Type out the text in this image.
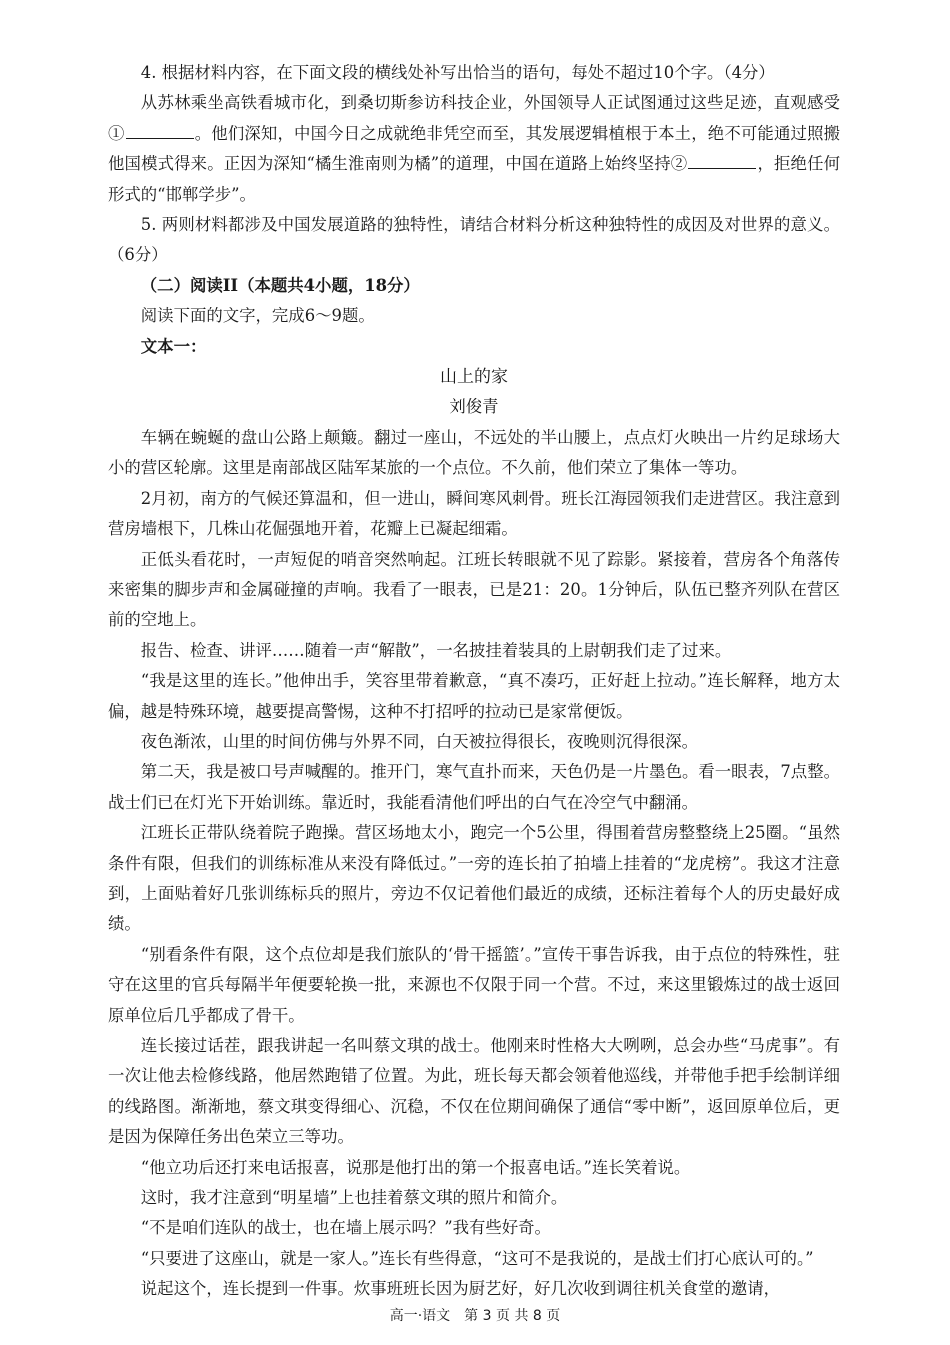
4. 根据材料内容，在下面文段的横线处补写出恰当的语句，每处不超过10个字。（4分）

从苏林乘坐高铁看城市化，到桑切斯参访科技企业，外国领导人正试图通过这些足迹，直观感受①	。他们深知，中国今日之成就绝非凭空而至，其发展逻辑植根于本土，绝不可能通过照搬他国模式得来。正因为深知“橘生淮南则为橘”的道理，中国在道路上始终坚持②	，拒绝任何形式的“邯郸学步”。

5. 两则材料都涉及中国发展道路的独特性，请结合材料分析这种独特性的成因及对世界的意义。（6分）

（二）阅读II（本题共4小题，18分）

阅读下面的文字，完成6～9题。

文本一：

山上的家

刘俊青

车辆在蜿蜒的盘山公路上颠簸。翻过一座山，不远处的半山腰上，点点灯火映出一片约足球场大小的营区轮廓。这里是南部战区陆军某旅的一个点位。不久前，他们荣立了集体一等功。

2月初，南方的气候还算温和，但一进山，瞬间寒风刺骨。班长江海园领我们走进营区。我注意到营房墙根下，几株山花倔强地开着，花瓣上已凝起细霜。

正低头看花时，一声短促的哨音突然响起。江班长转眼就不见了踪影。紧接着，营房各个角落传来密集的脚步声和金属碰撞的声响。我看了一眼表，已是21：20。1分钟后，队伍已整齐列队在营区前的空地上。

报告、检查、讲评……随着一声“解散”，一名披挂着装具的上尉朝我们走了过来。

“我是这里的连长。”他伸出手，笑容里带着歉意，“真不凑巧，正好赶上拉动。”连长解释，地方太偏，越是特殊环境，越要提高警惕，这种不打招呼的拉动已是家常便饭。

夜色渐浓，山里的时间仿佛与外界不同，白天被拉得很长，夜晚则沉得很深。

第二天，我是被口号声喊醒的。推开门，寒气直扑而来，天色仍是一片墨色。看一眼表，7点整。战士们已在灯光下开始训练。靠近时，我能看清他们呼出的白气在冷空气中翻涌。

江班长正带队绕着院子跑操。营区场地太小，跑完一个5公里，得围着营房整整绕上25圈。“虽然条件有限，但我们的训练标准从来没有降低过。”一旁的连长拍了拍墙上挂着的“龙虎榜”。我这才注意到，上面贴着好几张训练标兵的照片，旁边不仅记着他们最近的成绩，还标注着每个人的历史最好成绩。

“别看条件有限，这个点位却是我们旅队的‘骨干摇篮’。”宣传干事告诉我，由于点位的特殊性，驻守在这里的官兵每隔半年便要轮换一批，来源也不仅限于同一个营。不过，来这里锻炼过的战士返回原单位后几乎都成了骨干。

连长接过话茬，跟我讲起一名叫蔡文琪的战士。他刚来时性格大大咧咧，总会办些“马虎事”。有一次让他去检修线路，他居然跑错了位置。为此，班长每天都会领着他巡线，并带他手把手绘制详细的线路图。渐渐地，蔡文琪变得细心、沉稳，不仅在位期间确保了通信“零中断”，返回原单位后，更是因为保障任务出色荣立三等功。

“他立功后还打来电话报喜，说那是他打出的第一个报喜电话。”连长笑着说。

这时，我才注意到“明星墙”上也挂着蔡文琪的照片和简介。

“不是咱们连队的战士，也在墙上展示吗？”我有些好奇。

“只要进了这座山，就是一家人。”连长有些得意，“这可不是我说的，是战士们打心底认可的。”

说起这个，连长提到一件事。炊事班班长因为厨艺好，好几次收到调往机关食堂的邀请，

高一·语文　第 3 页 共 8 页
